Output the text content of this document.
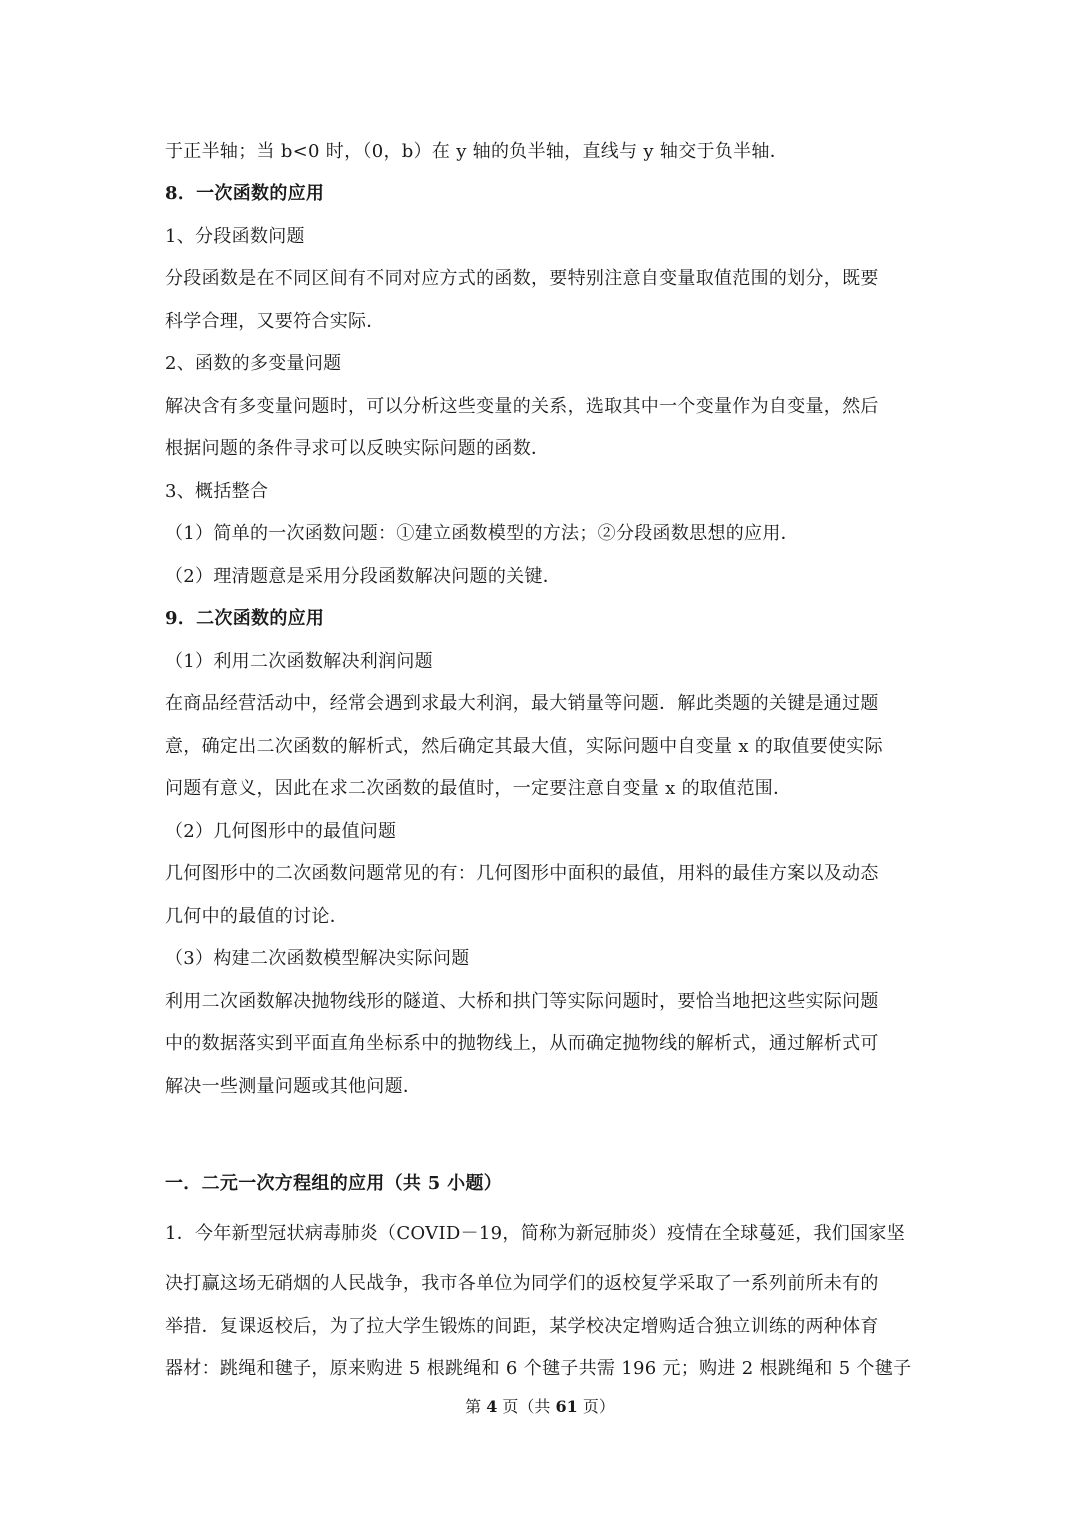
于正半轴；当 b<0 时，（0，b）在 y 轴的负半轴，直线与 y 轴交于负半轴．
8．一次函数的应用
1、分段函数问题
分段函数是在不同区间有不同对应方式的函数，要特别注意自变量取值范围的划分，既要
科学合理，又要符合实际．
2、函数的多变量问题
解决含有多变量问题时，可以分析这些变量的关系，选取其中一个变量作为自变量，然后
根据问题的条件寻求可以反映实际问题的函数．
3、概括整合
（1）简单的一次函数问题：①建立函数模型的方法；②分段函数思想的应用．
（2）理清题意是采用分段函数解决问题的关键．
9．二次函数的应用
（1）利用二次函数解决利润问题
在商品经营活动中，经常会遇到求最大利润，最大销量等问题．解此类题的关键是通过题
意，确定出二次函数的解析式，然后确定其最大值，实际问题中自变量 x 的取值要使实际
问题有意义，因此在求二次函数的最值时，一定要注意自变量 x 的取值范围．
（2）几何图形中的最值问题
几何图形中的二次函数问题常见的有：几何图形中面积的最值，用料的最佳方案以及动态
几何中的最值的讨论．
（3）构建二次函数模型解决实际问题
利用二次函数解决抛物线形的隧道、大桥和拱门等实际问题时，要恰当地把这些实际问题
中的数据落实到平面直角坐标系中的抛物线上，从而确定抛物线的解析式，通过解析式可
解决一些测量问题或其他问题．
一．二元一次方程组的应用（共 5 小题）
1．今年新型冠状病毒肺炎（COVID－19，简称为新冠肺炎）疫情在全球蔓延，我们国家坚
决打赢这场无硝烟的人民战争，我市各单位为同学们的返校复学采取了一系列前所未有的
举措．复课返校后，为了拉大学生锻炼的间距，某学校决定增购适合独立训练的两种体育
器材：跳绳和毽子，原来购进 5 根跳绳和 6 个毽子共需 196 元；购进 2 根跳绳和 5 个毽子
第 4 页（共 61 页）
